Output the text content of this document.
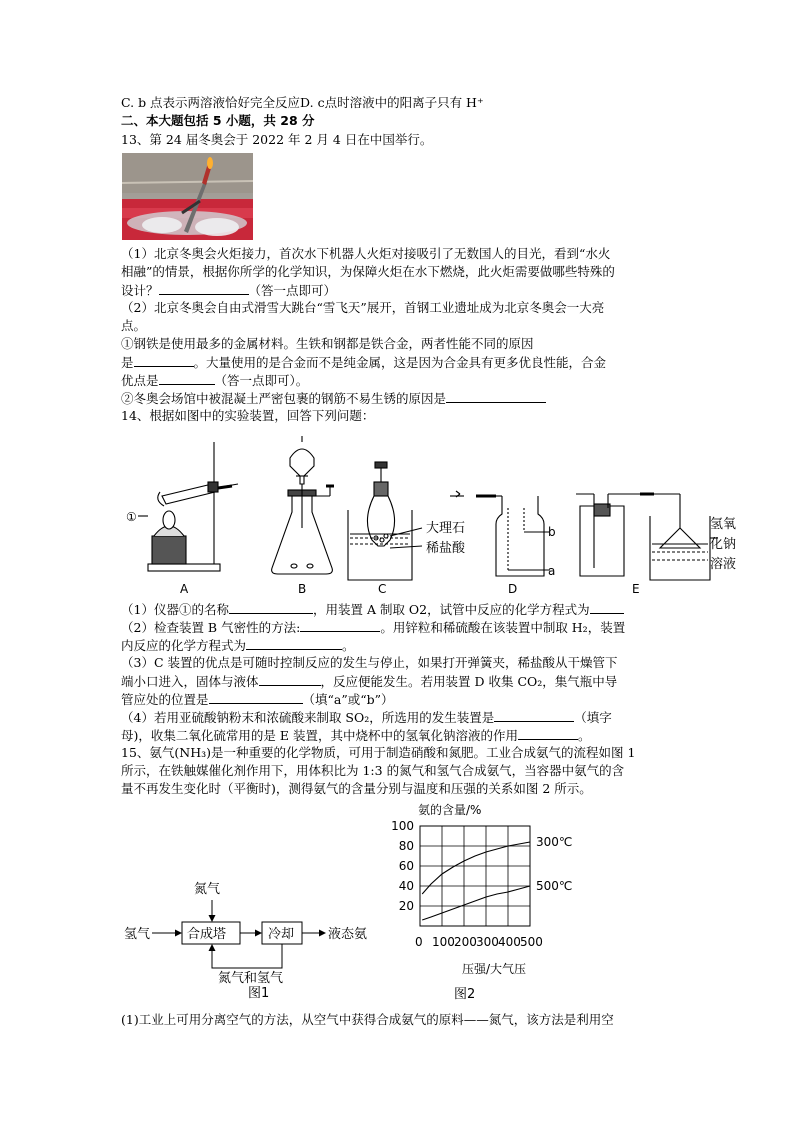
C. b 点表示两溶液恰好完全反应D. c点时溶液中的阳离子只有 H⁺
二、本大题包括 5 小题，共 28 分
13、第 24 届冬奥会于 2022 年 2 月 4 日在中国举行。
（1）北京冬奥会火炬接力，首次水下机器人火炬对接吸引了无数国人的目光，看到“水火
相融”的情景，根据你所学的化学知识，为保障火炬在水下燃烧，此火炬需要做哪些特殊的
设计？	（答一点即可）
（2）北京冬奥会自由式滑雪大跳台“雪飞天”展开，首钢工业遗址成为北京冬奥会一大亮
点。
①钢铁是使用最多的金属材料。生铁和钢都是铁合金，两者性能不同的原因
是	。大量使用的是合金而不是纯金属，这是因为合金具有更多优良性能，合金
优点是	（答一点即可）。
②冬奥会场馆中被混凝土严密包裹的钢筋不易生锈的原因是
14、根据如图中的实验装置，回答下列问题：
①
A	B	C	D	E
大理石
稀盐酸
b
a
氢氧
化钠
溶液
（1）仪器①的名称	，用装置 A 制取 O2，试管中反应的化学方程式为
（2）检查装置 B 气密性的方法:	。用锌粒和稀硫酸在该装置中制取 H₂，装置
内反应的化学方程式为	。
（3）C 装置的优点是可随时控制反应的发生与停止，如果打开弹簧夹，稀盐酸从干燥管下
端小口进入，固体与液体	，反应便能发生。若用装置 D 收集 CO₂，集气瓶中导
管应处的位置是	（填“a”或“b”）
（4）若用亚硫酸钠粉末和浓硫酸来制取 SO₂，所选用的发生装置是	（填字
母)，收集二氧化硫常用的是 E 装置，其中烧杯中的氢氧化钠溶液的作用	。
15、氨气(NH₃)是一种重要的化学物质，可用于制造硝酸和氮肥。工业合成氨气的流程如图 1
所示，在铁触媒催化剂作用下，用体积比为 1:3 的氮气和氢气合成氨气，当容器中氨气的含
量不再发生变化时（平衡时)，测得氨气的含量分别与温度和压强的关系如图 2 所示。
氮气
氢气	合成塔	冷却	液态氨
氮气和氢气
图1
氨的含量/%
300℃
500℃
0 100 200 300 400 500
20
40
60
80
100
压强/大气压
图2
(1)工业上可用分离空气的方法，从空气中获得合成氨气的原料——氮气，该方法是利用空
